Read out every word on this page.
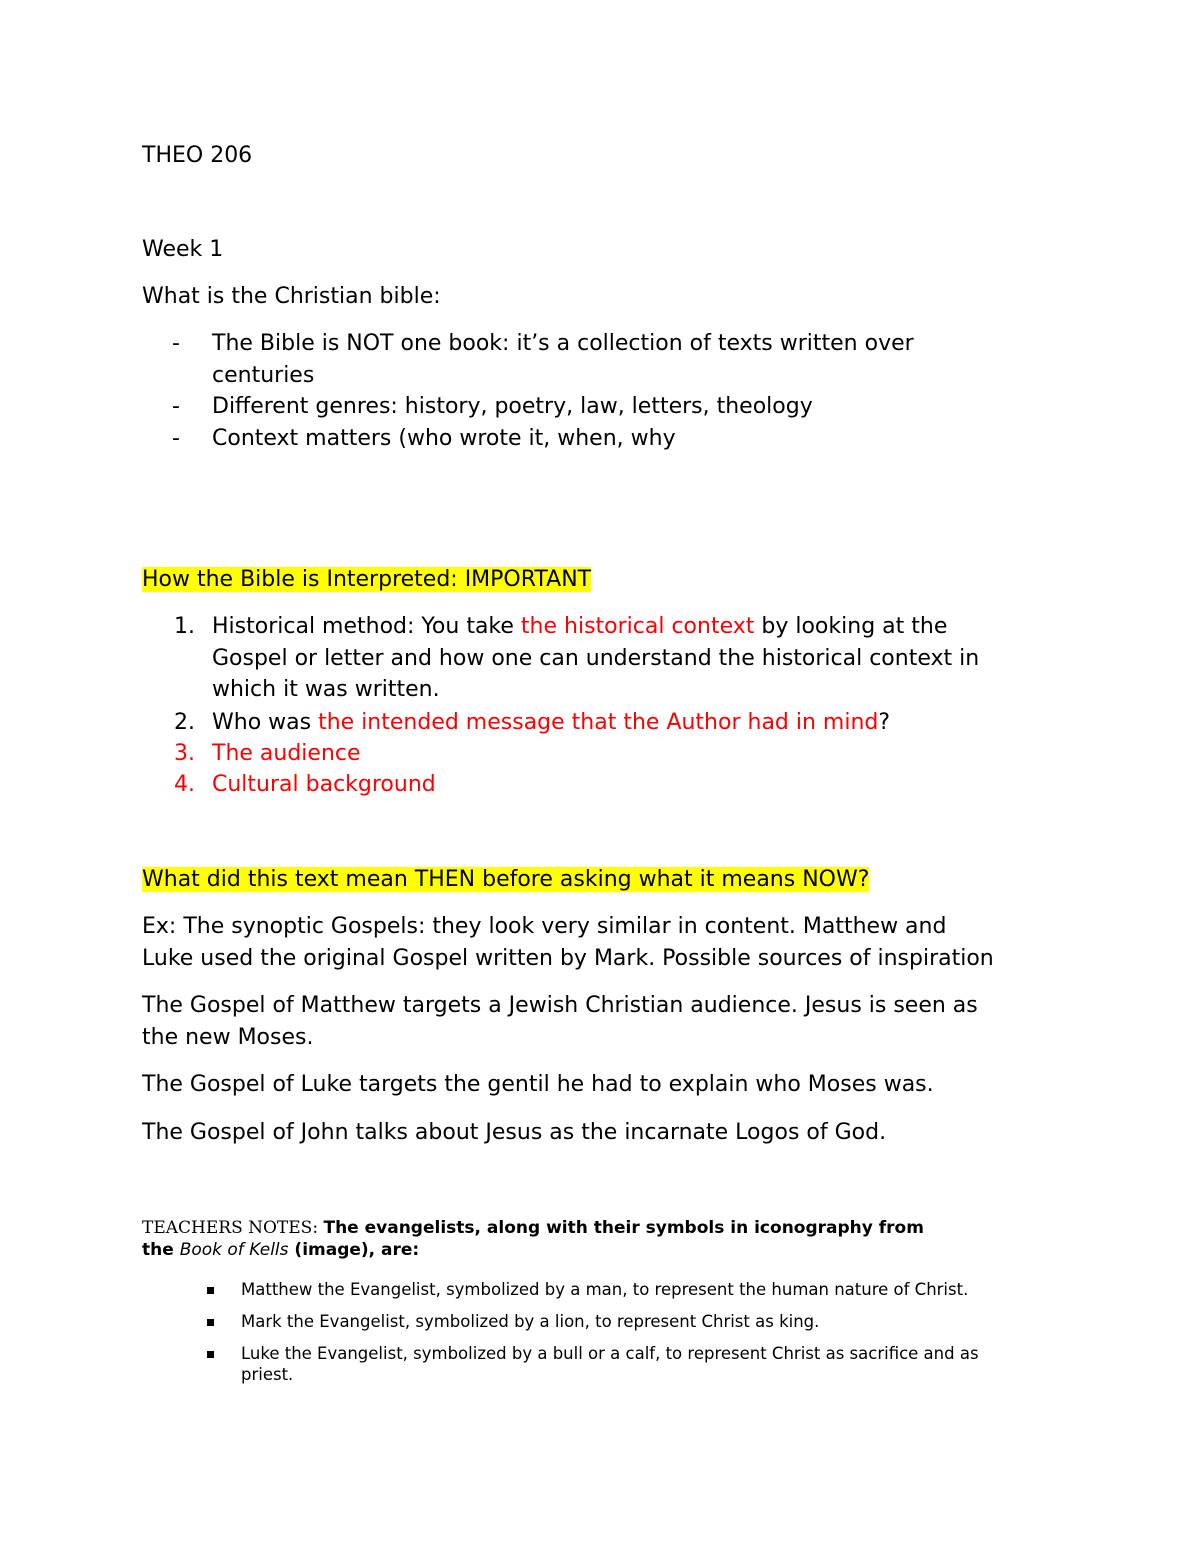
THEO 206

Week 1

What is the Christian bible:

- The Bible is NOT one book: it’s a collection of texts written over
centuries
- Different genres: history, poetry, law, letters, theology
- Context matters (who wrote it, when, why

How the Bible is Interpreted: IMPORTANT

1. Historical method: You take the historical context by looking at the
Gospel or letter and how one can understand the historical context in
which it was written.
2. Who was the intended message that the Author had in mind?
3. The audience
4. Cultural background

What did this text mean THEN before asking what it means NOW?

Ex: The synoptic Gospels: they look very similar in content. Matthew and
Luke used the original Gospel written by Mark. Possible sources of inspiration
The Gospel of Matthew targets a Jewish Christian audience. Jesus is seen as
the new Moses.
The Gospel of Luke targets the gentil he had to explain who Moses was.
The Gospel of John talks about Jesus as the incarnate Logos of God.
TEACHERS NOTES: The evangelists, along with their symbols in iconography from
the Book of Kells (image), are:
Matthew the Evangelist, symbolized by a man, to represent the human nature of Christ.
Mark the Evangelist, symbolized by a lion, to represent Christ as king.
Luke the Evangelist, symbolized by a bull or a calf, to represent Christ as sacrifice and as
priest.
